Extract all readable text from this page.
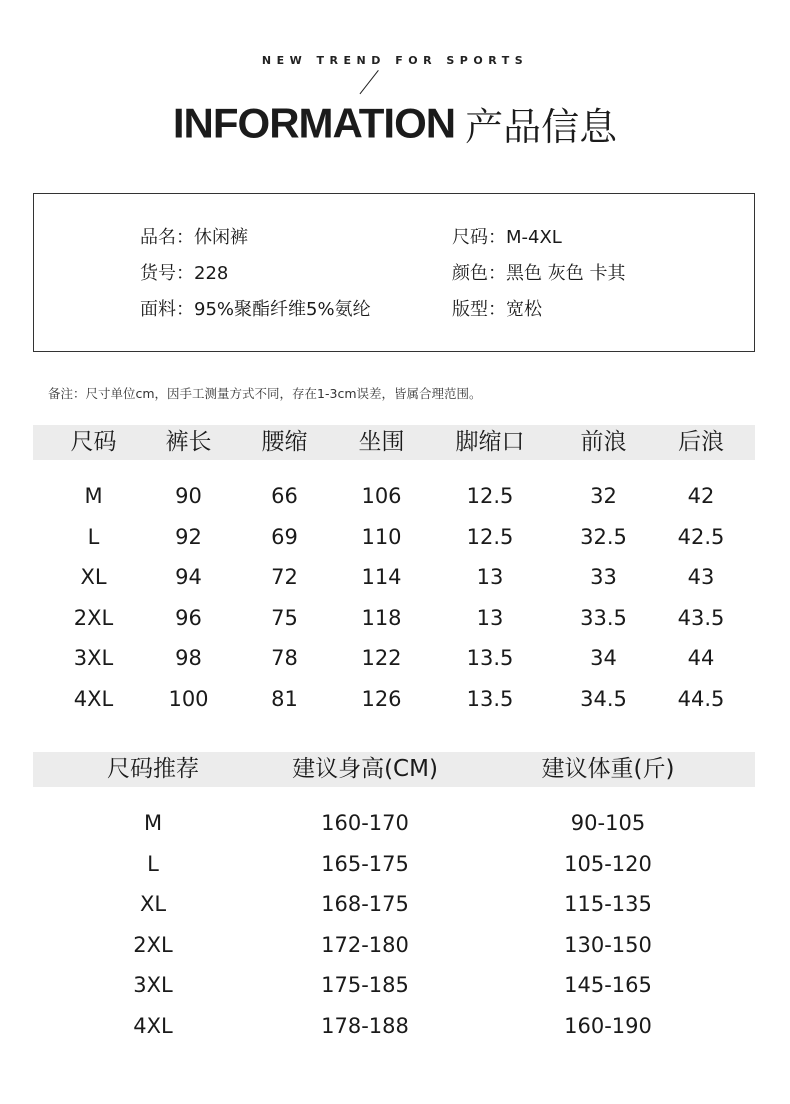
NEW TREND FOR SPORTS
INFORMATION 产品信息
品名：休闲裤
货号：228
面料：95%聚酯纤维5%氨纶
尺码：M-4XL
颜色：黑色 灰色 卡其
版型：宽松
备注：尺寸单位cm，因手工测量方式不同，存在1-3cm误差，皆属合理范围。
尺码	裤长	腰缩	坐围	脚缩口	前浪	后浪
M	90	66	106	12.5	32	42
L	92	69	110	12.5	32.5	42.5
XL	94	72	114	13	33	43
2XL	96	75	118	13	33.5	43.5
3XL	98	78	122	13.5	34	44
4XL	100	81	126	13.5	34.5	44.5
尺码推荐	建议身高(CM)	建议体重(斤)
M	160-170	90-105
L	165-175	105-120
XL	168-175	115-135
2XL	172-180	130-150
3XL	175-185	145-165
4XL	178-188	160-190
